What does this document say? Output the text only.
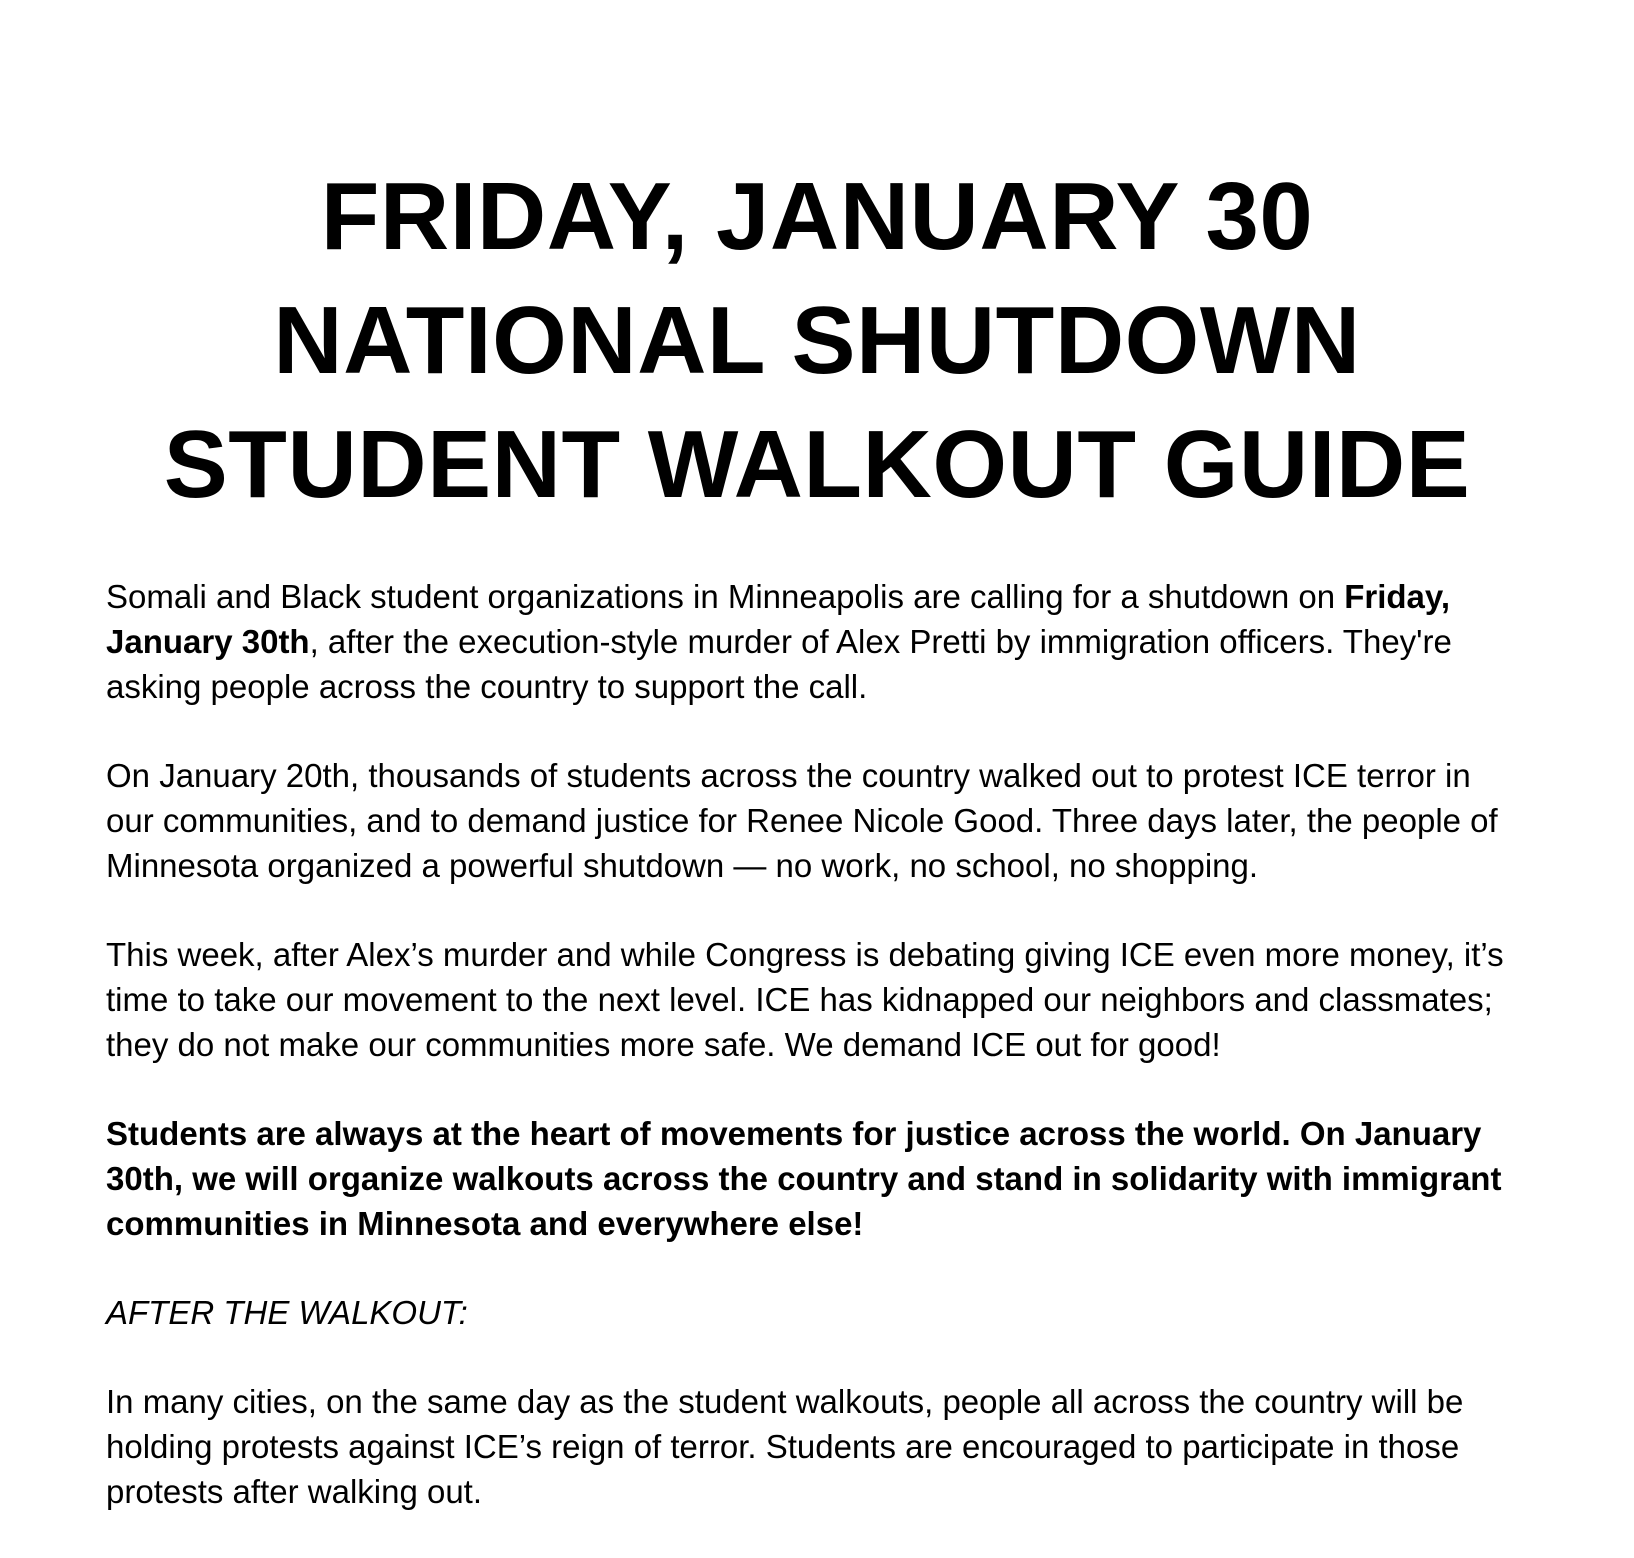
FRIDAY, JANUARY 30
NATIONAL SHUTDOWN
STUDENT WALKOUT GUIDE

Somali and Black student organizations in Minneapolis are calling for a shutdown on Friday,
January 30th, after the execution-style murder of Alex Pretti by immigration officers. They're
asking people across the country to support the call.

On January 20th, thousands of students across the country walked out to protest ICE terror in
our communities, and to demand justice for Renee Nicole Good. Three days later, the people of
Minnesota organized a powerful shutdown — no work, no school, no shopping.

This week, after Alex’s murder and while Congress is debating giving ICE even more money, it’s
time to take our movement to the next level. ICE has kidnapped our neighbors and classmates;
they do not make our communities more safe. We demand ICE out for good!

Students are always at the heart of movements for justice across the world. On January
30th, we will organize walkouts across the country and stand in solidarity with immigrant
communities in Minnesota and everywhere else!

AFTER THE WALKOUT:

In many cities, on the same day as the student walkouts, people all across the country will be
holding protests against ICE’s reign of terror. Students are encouraged to participate in those
protests after walking out.
